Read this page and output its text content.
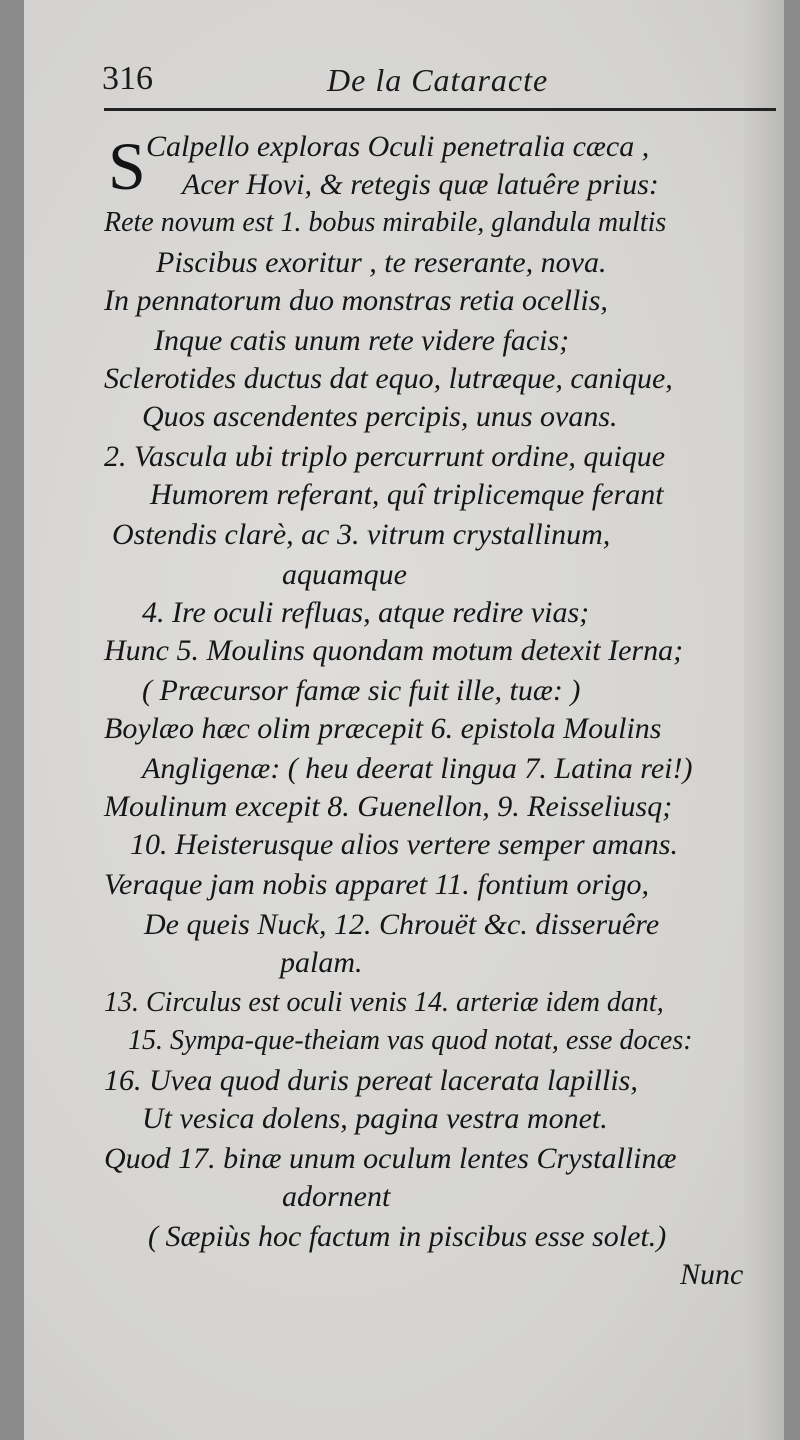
316	De la Cataracte
S Calpello exploras Oculi penetralia cæca ,
Acer Hovi, & retegis quæ latuêre prius:
Rete novum est 1. bobus mirabile, glandula multis
Piscibus exoritur , te reserante, nova.
In pennatorum duo monstras retia ocellis,
Inque catis unum rete videre facis;
Sclerotides ductus dat equo, lutræque, canique,
Quos ascendentes percipis, unus ovans.
2. Vascula ubi triplo percurrunt ordine, quique
Humorem referant, quî triplicemque ferant
Ostendis clarè, ac 3. vitrum crystallinum,
aquamque
4. Ire oculi refluas, atque redire vias;
Hunc 5. Moulins quondam motum detexit Ierna;
( Præcursor famæ sic fuit ille, tuæ: )
Boylæo hæc olim præcepit 6. epistola Moulins
Angligenæ: ( heu deerat lingua 7. Latina rei!)
Moulinum excepit 8. Guenellon, 9. Reisseliusq;
10. Heisterusque alios vertere semper amans.
Veraque jam nobis apparet 11. fontium origo,
De queis Nuck, 12. Chrouët &c. disseruêre
palam.
13. Circulus est oculi venis 14. arteriæ idem dant,
15. Sympa-que-theiam vas quod notat, esse doces:
16. Uvea quod duris pereat lacerata lapillis,
Ut vesica dolens, pagina vestra monet.
Quod 17. binæ unum oculum lentes Crystallinæ
adornent
( Sæpiùs hoc factum in piscibus esse solet.)
Nunc
